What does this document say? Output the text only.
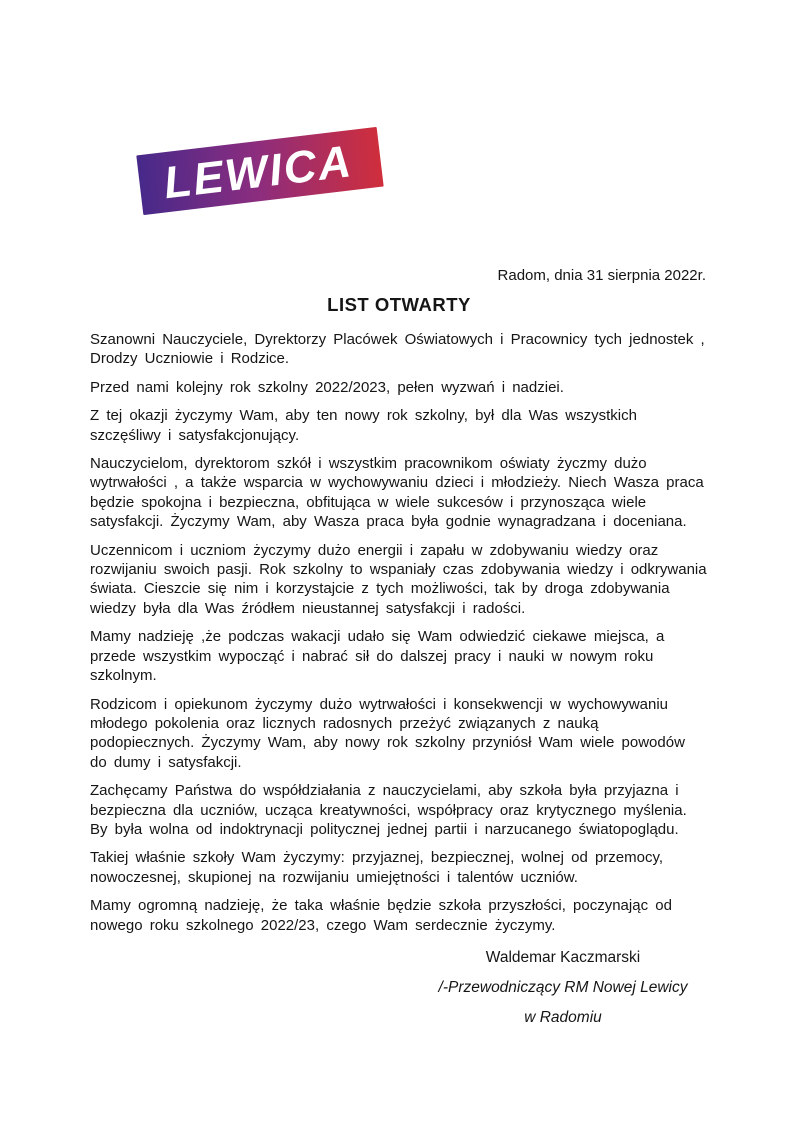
LEWICA

Radom, dnia 31 sierpnia 2022r.

LIST OTWARTY

Szanowni Nauczyciele, Dyrektorzy Placówek Oświatowych i Pracownicy tych jednostek , Drodzy Uczniowie i Rodzice.

Przed nami kolejny rok szkolny 2022/2023, pełen wyzwań i nadziei.

Z tej okazji życzymy Wam, aby ten nowy rok szkolny, był dla Was wszystkich szczęśliwy i satysfakcjonujący.

Nauczycielom, dyrektorom szkół i wszystkim pracownikom oświaty życzmy dużo wytrwałości , a także wsparcia w wychowywaniu dzieci i młodzieży. Niech Wasza praca będzie spokojna i bezpieczna, obfitująca w wiele sukcesów i przynosząca wiele satysfakcji. Życzymy Wam, aby Wasza praca była godnie wynagradzana i doceniana.

Uczennicom i uczniom życzymy dużo energii i zapału w zdobywaniu wiedzy oraz rozwijaniu swoich pasji. Rok szkolny to wspaniały czas zdobywania wiedzy i odkrywania świata. Cieszcie się nim i korzystajcie z tych możliwości, tak by droga zdobywania wiedzy była dla Was źródłem nieustannej satysfakcji i radości.

Mamy nadzieję ,że podczas wakacji udało się Wam odwiedzić ciekawe miejsca, a przede wszystkim wypocząć i nabrać sił do dalszej pracy i nauki w nowym roku szkolnym.

Rodzicom i opiekunom życzymy dużo wytrwałości i konsekwencji w wychowywaniu młodego pokolenia oraz licznych radosnych przeżyć związanych z nauką podopiecznych. Życzymy Wam, aby nowy rok szkolny przyniósł Wam wiele powodów do dumy i satysfakcji.

Zachęcamy Państwa do współdziałania z nauczycielami, aby szkoła była przyjazna i bezpieczna dla uczniów, ucząca kreatywności, współpracy oraz krytycznego myślenia. By była wolna od indoktrynacji politycznej jednej partii i narzucanego światopoglądu.

Takiej właśnie szkoły Wam życzymy: przyjaznej, bezpiecznej, wolnej od przemocy, nowoczesnej, skupionej na rozwijaniu umiejętności i talentów uczniów.

Mamy ogromną nadzieję, że taka właśnie będzie szkoła przyszłości, poczynając od nowego roku szkolnego 2022/23, czego Wam serdecznie życzymy.

Waldemar Kaczmarski

/-Przewodniczący RM Nowej Lewicy

w Radomiu
